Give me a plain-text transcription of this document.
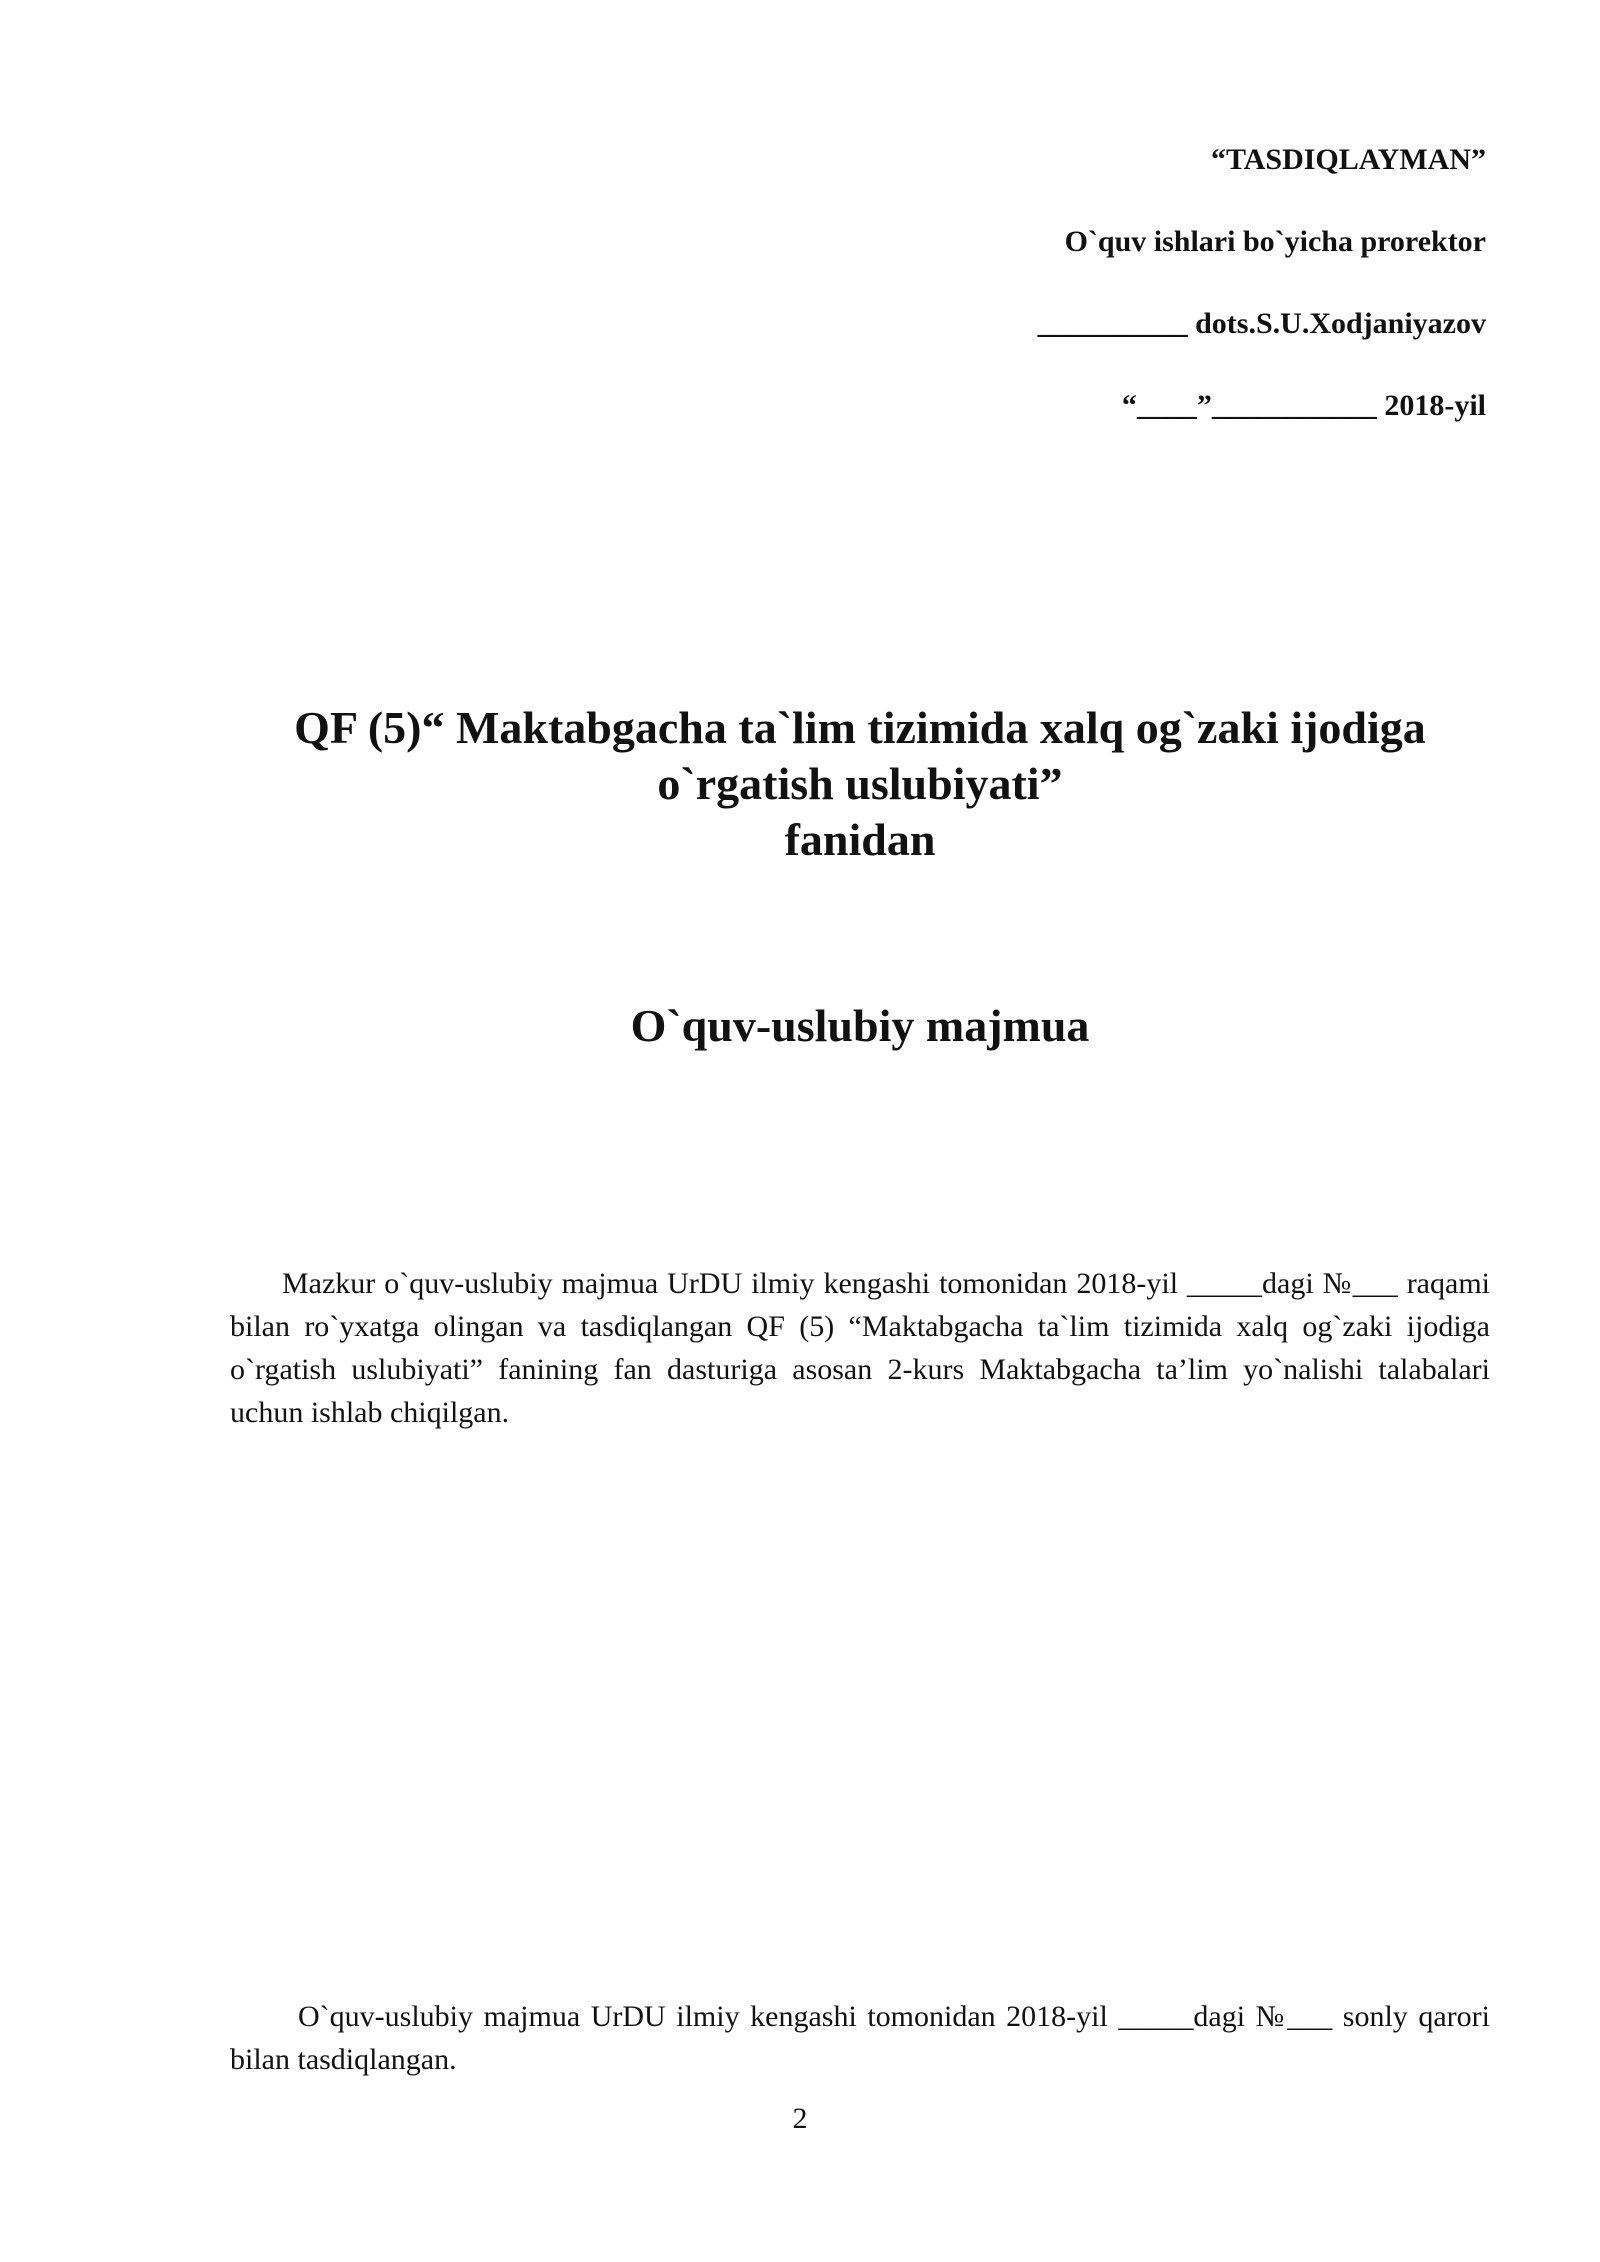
“TASDIQLAYMAN”
O`quv ishlari bo`yicha prorektor
__________ dots.S.U.Xodjaniyazov
“____”___________ 2018-yil
QF (5)“ Maktabgacha ta`lim tizimida xalq og`zaki ijodiga
o`rgatish uslubiyati”
fanidan
O`quv-uslubiy majmua
Mazkur o`quv-uslubiy majmua UrDU ilmiy kengashi tomonidan 2018-yil _____dagi №___ raqami bilan ro`yxatga olingan va tasdiqlangan QF (5) “Maktabgacha ta`lim tizimida xalq og`zaki ijodiga o`rgatish uslubiyati” fanining fan dasturiga asosan 2-kurs Maktabgacha ta’lim yo`nalishi talabalari uchun ishlab chiqilgan.
O`quv-uslubiy majmua UrDU ilmiy kengashi tomonidan 2018-yil _____dagi №___ sonly qarori bilan tasdiqlangan.
2
